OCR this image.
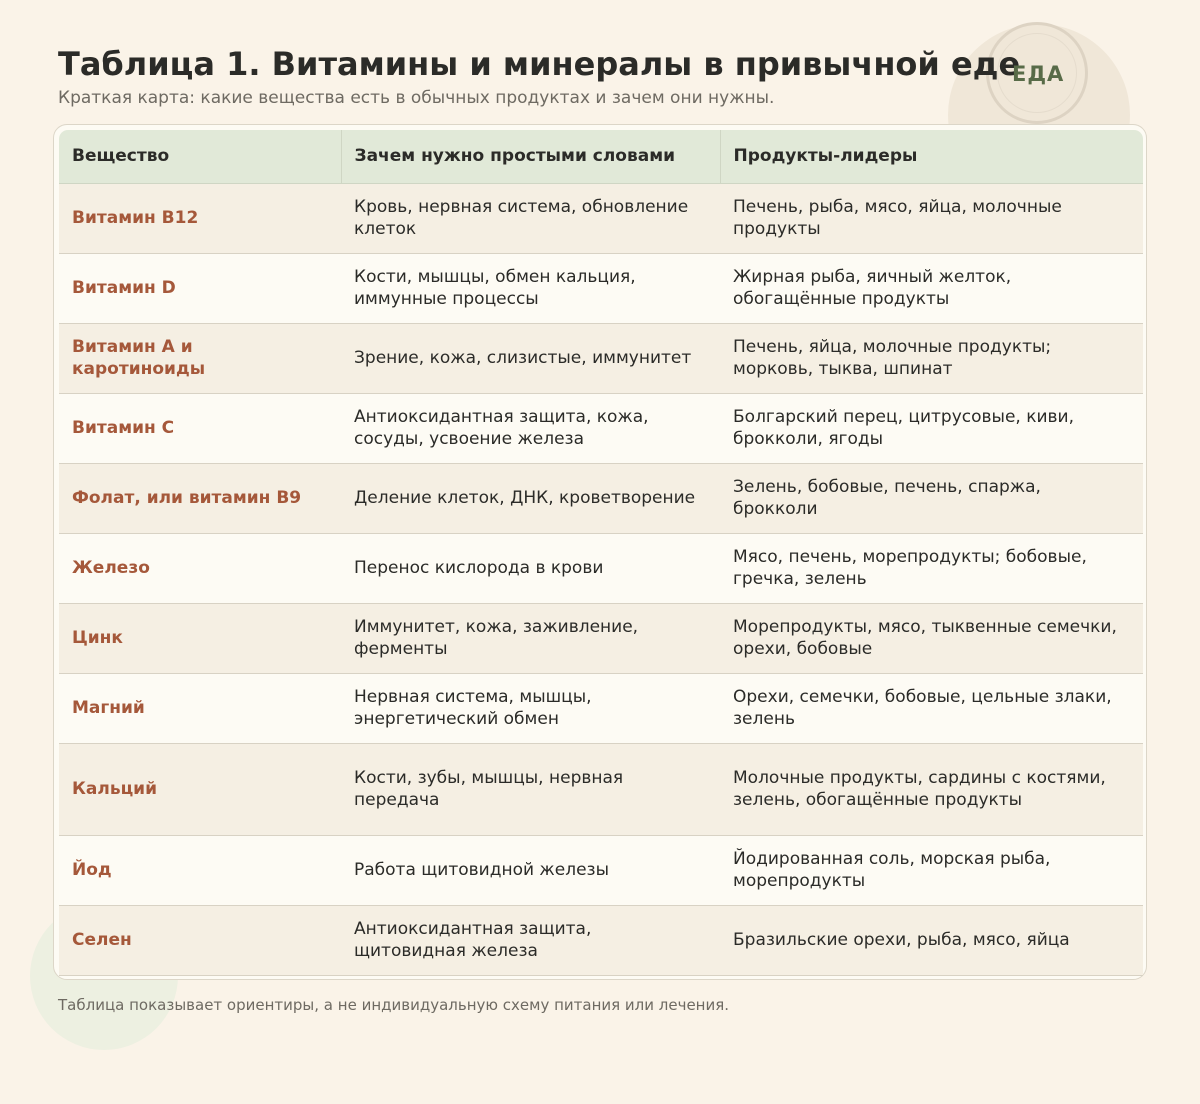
Таблица 1. Витамины и минералы в привычной еде
ЕДА

Краткая карта: какие вещества есть в обычных продуктах и зачем они нужны.

Вещество	Зачем нужно простыми словами	Продукты-лидеры
Витамин B12	Кровь, нервная система, обновление клеток	Печень, рыба, мясо, яйца, молочные продукты
Витамин D	Кости, мышцы, обмен кальция, иммунные процессы	Жирная рыба, яичный желток, обогащённые продукты
Витамин A и каротиноиды	Зрение, кожа, слизистые, иммунитет	Печень, яйца, молочные продукты; морковь, тыква, шпинат
Витамин C	Антиоксидантная защита, кожа, сосуды, усвоение железа	Болгарский перец, цитрусовые, киви, брокколи, ягоды
Фолат, или витамин B9	Деление клеток, ДНК, кроветворение	Зелень, бобовые, печень, спаржа, брокколи
Железо	Перенос кислорода в крови	Мясо, печень, морепродукты; бобовые, гречка, зелень
Цинк	Иммунитет, кожа, заживление, ферменты	Морепродукты, мясо, тыквенные семечки, орехи, бобовые
Магний	Нервная система, мышцы, энергетический обмен	Орехи, семечки, бобовые, цельные злаки, зелень
Кальций	Кости, зубы, мышцы, нервная передача	Молочные продукты, сардины с костями, зелень, обогащённые продукты
Йод	Работа щитовидной железы	Йодированная соль, морская рыба, морепродукты
Селен	Антиоксидантная защита, щитовидная железа	Бразильские орехи, рыба, мясо, яйца

Таблица показывает ориентиры, а не индивидуальную схему питания или лечения.
